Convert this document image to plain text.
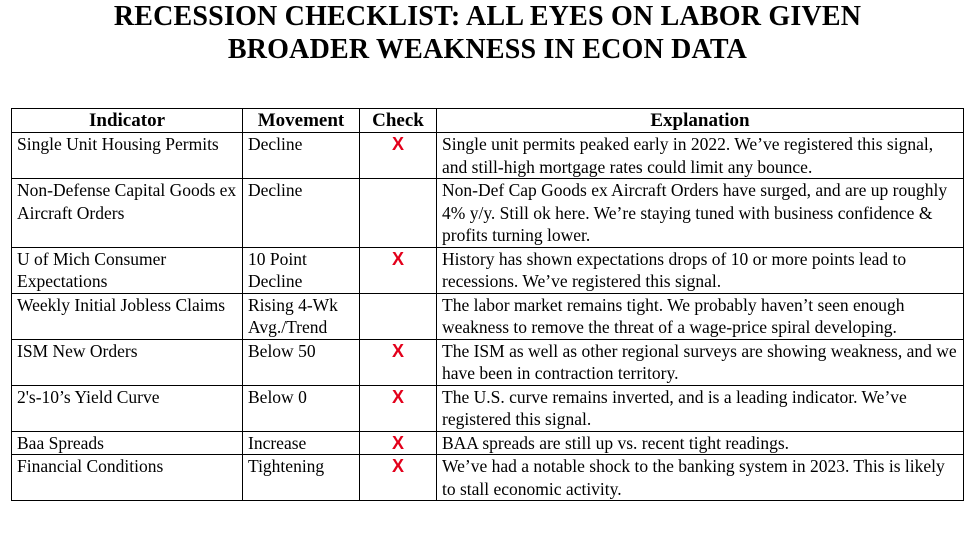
RECESSION CHECKLIST: ALL EYES ON LABOR GIVEN
BROADER WEAKNESS IN ECON DATA
Indicator	Movement	Check	Explanation
Single Unit Housing Permits	Decline	X	Single unit permits peaked early in 2022. We’ve registered this signal, and still-high mortgage rates could limit any bounce.
Non-Defense Capital Goods ex Aircraft Orders	Decline		Non-Def Cap Goods ex Aircraft Orders have surged, and are up roughly 4% y/y. Still ok here. We’re staying tuned with business confidence & profits turning lower.
U of Mich Consumer Expectations	10 Point Decline	X	History has shown expectations drops of 10 or more points lead to recessions. We’ve registered this signal.
Weekly Initial Jobless Claims	Rising 4-Wk Avg./Trend		The labor market remains tight. We probably haven’t seen enough weakness to remove the threat of a wage-price spiral developing.
ISM New Orders	Below 50	X	The ISM as well as other regional surveys are showing weakness, and we have been in contraction territory.
2's-10’s Yield Curve	Below 0	X	The U.S. curve remains inverted, and is a leading indicator. We’ve registered this signal.
Baa Spreads	Increase	X	BAA spreads are still up vs. recent tight readings.
Financial Conditions	Tightening	X	We’ve had a notable shock to the banking system in 2023. This is likely to stall economic activity.
